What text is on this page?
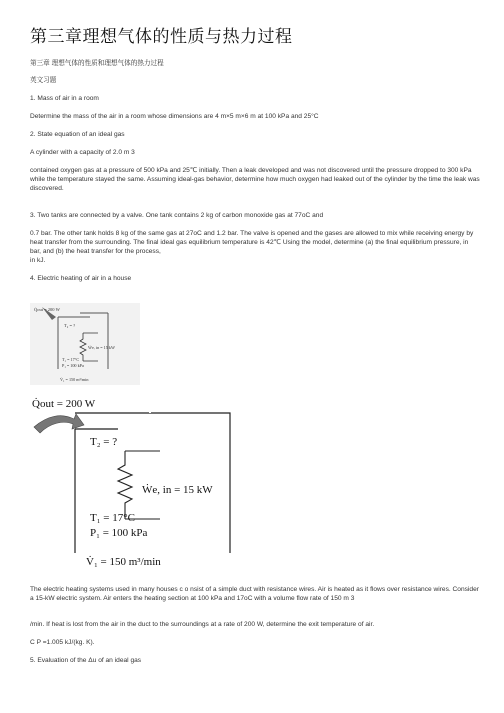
第三章理想气体的性质与热力过程
第三章 理想气体的性质和理想气体的热力过程
英文习题
1. Mass of air in a room
Determine the mass of the air in a room whose dimensions are 4 m×5 m×6 m at 100 kPa and 25°C
2. State equation of an ideal gas
A cylinder with a capacity of 2.0 m 3
contained oxygen gas at a pressure of 500 kPa and 25℃ initially. Then a leak developed and was not discovered until the pressure dropped to 300 kPa while the temperature stayed the same. Assuming ideal-gas behavior, determine how much oxygen had leaked out of the cylinder by the time the leak was discovered.
3. Two tanks are connected by a valve. One tank contains 2 kg of carbon monoxide gas at 77oC and
0.7 bar. The other tank holds 8 kg of the same gas at 27oC and 1.2 bar. The valve is opened and the gases are allowed to mix while receiving energy by heat transfer from the surrounding. The final ideal gas equilibrium temperature is 42℃ Using the model, determine (a) the final equilibrium pressure, in bar, and (b) the heat transfer for the process,
in kJ.
4. Electric heating of air in a house
Q̇out = 200 W
T₂ = ?
Ẇe, in = 15 kW
T₁ = 17°C
P₁ = 100 kPa
V̇₁ = 150 m³/min
Q̇out = 200 W
T₂ = ?
Ẇe, in = 15 kW
T₁ = 17°C
P₁ = 100 kPa
V̇₁ = 150 m³/min
The electric heating systems used in many houses c o nsist of a simple duct with resistance wires. Air is heated as it flows over resistance wires. Consider a 15-kW electric system. Air enters the heating section at 100 kPa and 17oC with a volume flow rate of 150 m 3
/min. If heat is lost from the air in the duct to the surroundings at a rate of 200 W, determine the exit temperature of air.
C P =1.005 kJ/(kg. K).
5. Evaluation of the Δu of an ideal gas
